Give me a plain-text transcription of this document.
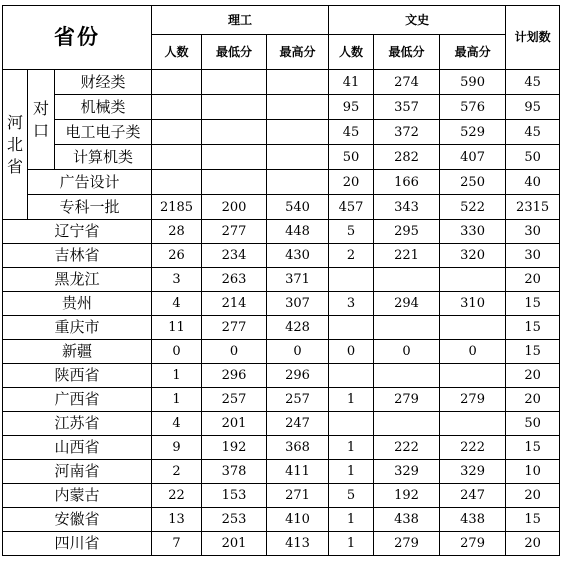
省份			理工			文史			计划数
			人数	最低分	最高分	人数	最低分	最高分	
河北省	对口	财经类				41	274	590	45
		机械类				95	357	576	95
		电工电子类				45	372	529	45
		计算机类				50	282	407	50
	广告设计					20	166	250	40
	专科一批		2185	200	540	457	343	522	2315
辽宁省			28	277	448	5	295	330	30
吉林省			26	234	430	2	221	320	30
黑龙江			3	263	371				20
贵州			4	214	307	3	294	310	15
重庆市			11	277	428				15
新疆			0	0	0	0	0	0	15
陕西省			1	296	296				20
广西省			1	257	257	1	279	279	20
江苏省			4	201	247				50
山西省			9	192	368	1	222	222	15
河南省			2	378	411	1	329	329	10
内蒙古			22	153	271	5	192	247	20
安徽省			13	253	410	1	438	438	15
四川省			7	201	413	1	279	279	20
